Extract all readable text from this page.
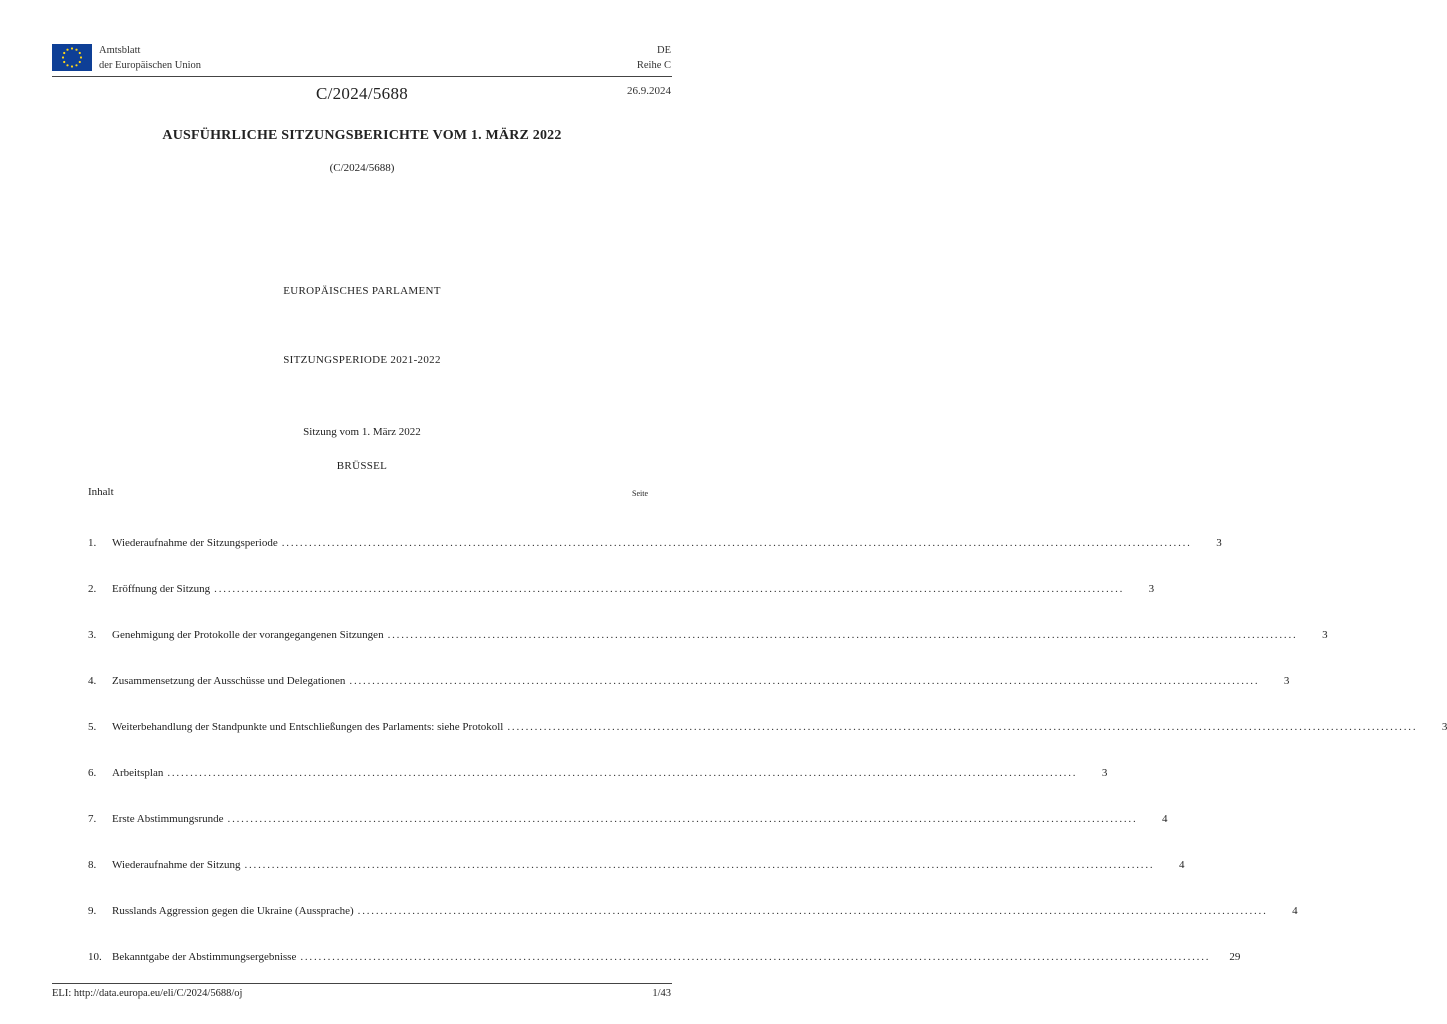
Amtsblatt
der Europäischen Union
DE
Reihe C
C/2024/5688	26.9.2024
AUSFÜHRLICHE SITZUNGSBERICHTE VOM 1. MÄRZ 2022
(C/2024/5688)
EUROPÄISCHES PARLAMENT
SITZUNGSPERIODE 2021-2022
Sitzung vom 1. März 2022
BRÜSSEL
Inhalt	Seite
1.	Wiederaufnahme der Sitzungsperiode ........................................................................................................................................................................................................	3
2.	Eröffnung der Sitzung ........................................................................................................................................................................................................	3
3.	Genehmigung der Protokolle der vorangegangenen Sitzungen ........................................................................................................................................................................................................	3
4.	Zusammensetzung der Ausschüsse und Delegationen ........................................................................................................................................................................................................	3
5.	Weiterbehandlung der Standpunkte und Entschließungen des Parlaments: siehe Protokoll ........................................................................................................................................................................................................	3
6.	Arbeitsplan ........................................................................................................................................................................................................	3
7.	Erste Abstimmungsrunde ........................................................................................................................................................................................................	4
8.	Wiederaufnahme der Sitzung ........................................................................................................................................................................................................	4
9.	Russlands Aggression gegen die Ukraine (Aussprache) ........................................................................................................................................................................................................	4
10. Bekanntgabe der Abstimmungsergebnisse ........................................................................................................................................................................................................	29
ELI: http://data.europa.eu/eli/C/2024/5688/oj	1/43
